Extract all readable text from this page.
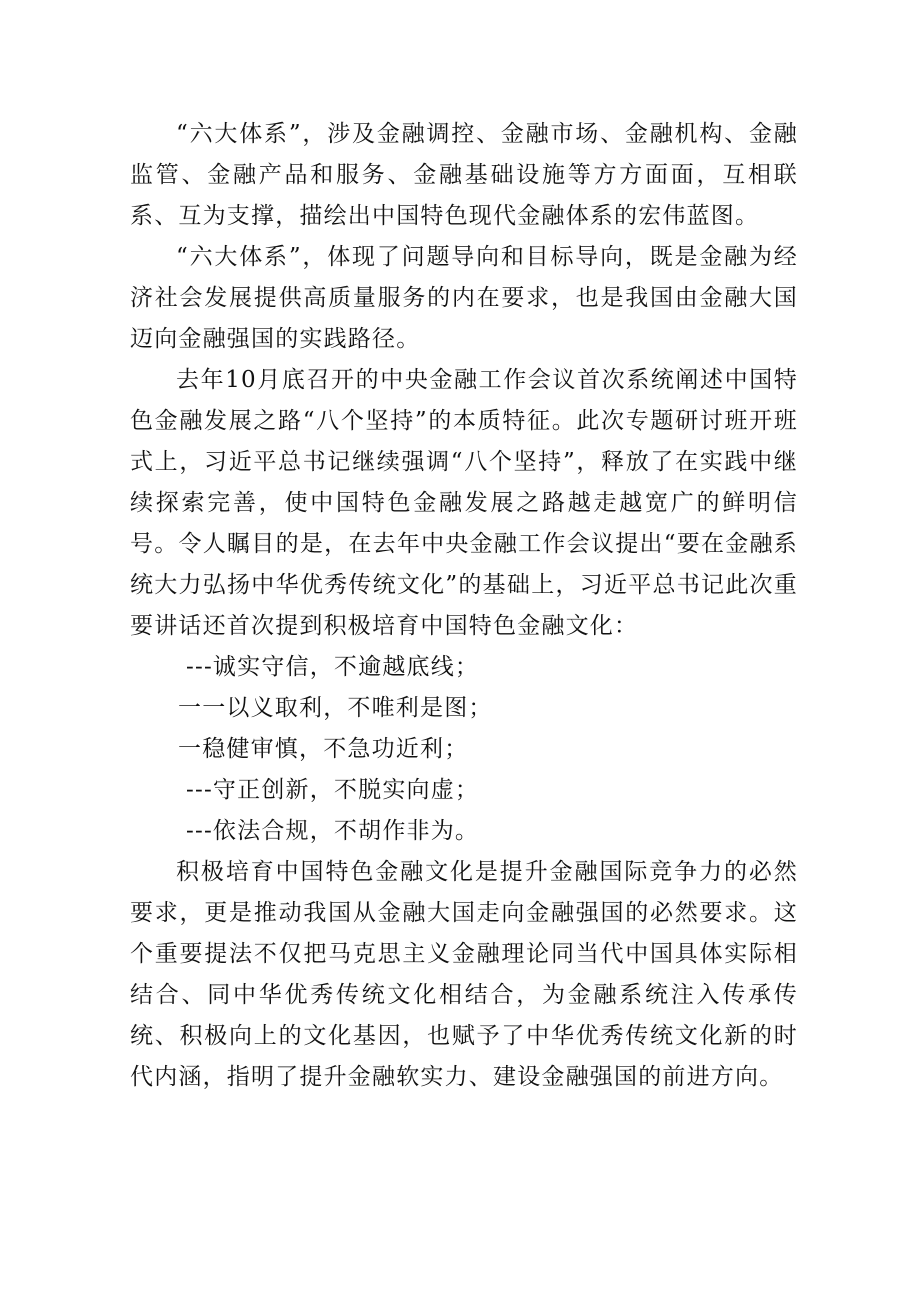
“六大体系”，涉及金融调控、金融市场、金融机构、金融监管、金融产品和服务、金融基础设施等方方面面，互相联系、互为支撑，描绘出中国特色现代金融体系的宏伟蓝图。

“六大体系”，体现了问题导向和目标导向，既是金融为经济社会发展提供高质量服务的内在要求，也是我国由金融大国迈向金融强国的实践路径。

去年10月底召开的中央金融工作会议首次系统阐述中国特色金融发展之路“八个坚持”的本质特征。此次专题研讨班开班式上，习近平总书记继续强调“八个坚持”，释放了在实践中继续探索完善，使中国特色金融发展之路越走越宽广的鲜明信号。令人瞩目的是，在去年中央金融工作会议提出“要在金融系统大力弘扬中华优秀传统文化”的基础上，习近平总书记此次重要讲话还首次提到积极培育中国特色金融文化：

---诚实守信，不逾越底线；

一一以义取利，不唯利是图；

一稳健审慎，不急功近利；

---守正创新，不脱实向虚；

---依法合规，不胡作非为。

积极培育中国特色金融文化是提升金融国际竞争力的必然要求，更是推动我国从金融大国走向金融强国的必然要求。这个重要提法不仅把马克思主义金融理论同当代中国具体实际相结合、同中华优秀传统文化相结合，为金融系统注入传承传统、积极向上的文化基因，也赋予了中华优秀传统文化新的时代内涵，指明了提升金融软实力、建设金融强国的前进方向。
